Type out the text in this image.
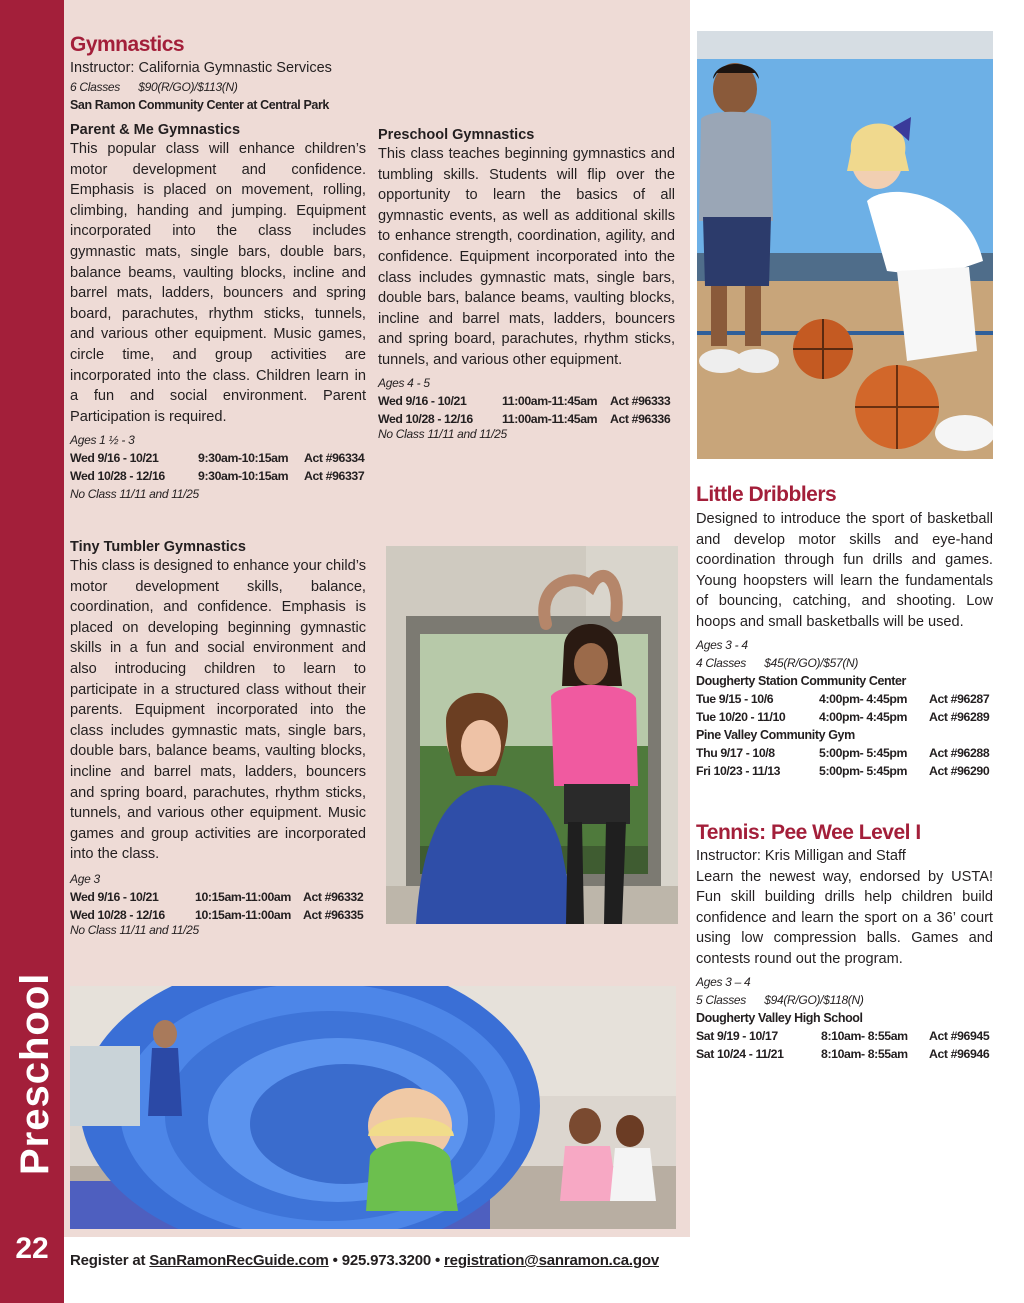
Preschool
22
Gymnastics

Instructor: California Gymnastic Services

6 Classes      $90(R/GO)/$113(N)

San Ramon Community Center at Central Park

Parent & Me Gymnastics

This popular class will enhance children’s motor development and confidence. Emphasis is placed on movement, rolling, climbing, handing and jumping. Equipment incorporated into the class includes gymnastic mats, single bars, double bars, balance beams, vaulting blocks, incline and barrel mats, ladders, bouncers and spring board, parachutes, rhythm sticks, tunnels, and various other equipment. Music games, circle time, and group activities are incorporated into the class. Children learn in a fun and social environment. Parent Participation is required.

Ages 1 ½ - 3

Wed 9/16 - 10/21	9:30am-10:15am Act #96334

Wed 10/28 - 12/16	9:30am-10:15am Act #96337

No Class 11/11 and 11/25

Tiny Tumbler Gymnastics

This class is designed to enhance your child’s motor development skills, balance, coordination, and confidence. Emphasis is placed on developing beginning gymnastic skills in a fun and social environment and also introducing children to learn to participate in a structured class without their parents. Equipment incorporated into the class includes gymnastic mats, single bars, double bars, balance beams, vaulting blocks, incline and barrel mats, ladders, bouncers and spring board, parachutes, rhythm sticks, tunnels, and various other equipment. Music games and group activities are incorporated into the class.

Age 3

Wed 9/16 - 10/21	10:15am-11:00am Act #96332

Wed 10/28 - 12/16 10:15am-11:00am Act #96335

No Class 11/11 and 11/25

Preschool Gymnastics

This class teaches beginning gymnastics and tumbling skills. Students will flip over the opportunity to learn the basics of all gymnastic events, as well as additional skills to enhance strength, coordination, agility, and confidence. Equipment incorporated into the class includes gymnastic mats, single bars, double bars, balance beams, vaulting blocks, incline and barrel mats, ladders, bouncers and spring board, parachutes, rhythm sticks, tunnels, and various other equipment.

Ages 4 - 5

Wed 9/16 - 10/21	11:00am-11:45am Act #96333

Wed 10/28 - 12/16 11:00am-11:45am Act #96336

No Class 11/11 and 11/25

Little Dribblers

Designed to introduce the sport of basketball and develop motor skills and eye-hand coordination through fun drills and games. Young hoopsters will learn the fundamentals of bouncing, catching, and shooting. Low hoops and small basketballs will be used.

Ages 3 - 4

4 Classes      $45(R/GO)/$57(N)

Dougherty Station Community Center

Tue 9/15 - 10/6	4:00pm- 4:45pm Act #96287

Tue 10/20 - 11/10	4:00pm- 4:45pm Act #96289

Pine Valley Community Gym

Thu 9/17 - 10/8	5:00pm- 5:45pm Act #96288

Fri 10/23 - 11/13	5:00pm- 5:45pm Act #96290

Tennis: Pee Wee Level I

Instructor: Kris Milligan and Staff

Learn the newest way, endorsed by USTA! Fun skill building drills help children build confidence and learn the sport on a 36’ court using low compression balls. Games and contests round out the program.

Ages 3 – 4

5 Classes      $94(R/GO)/$118(N)

Dougherty Valley High School

Sat 9/19 - 10/17	8:10am- 8:55am Act #96945

Sat 10/24 - 11/21	8:10am- 8:55am Act #96946

Register at SanRamonRecGuide.com • 925.973.3200 • registration@sanramon.ca.gov
